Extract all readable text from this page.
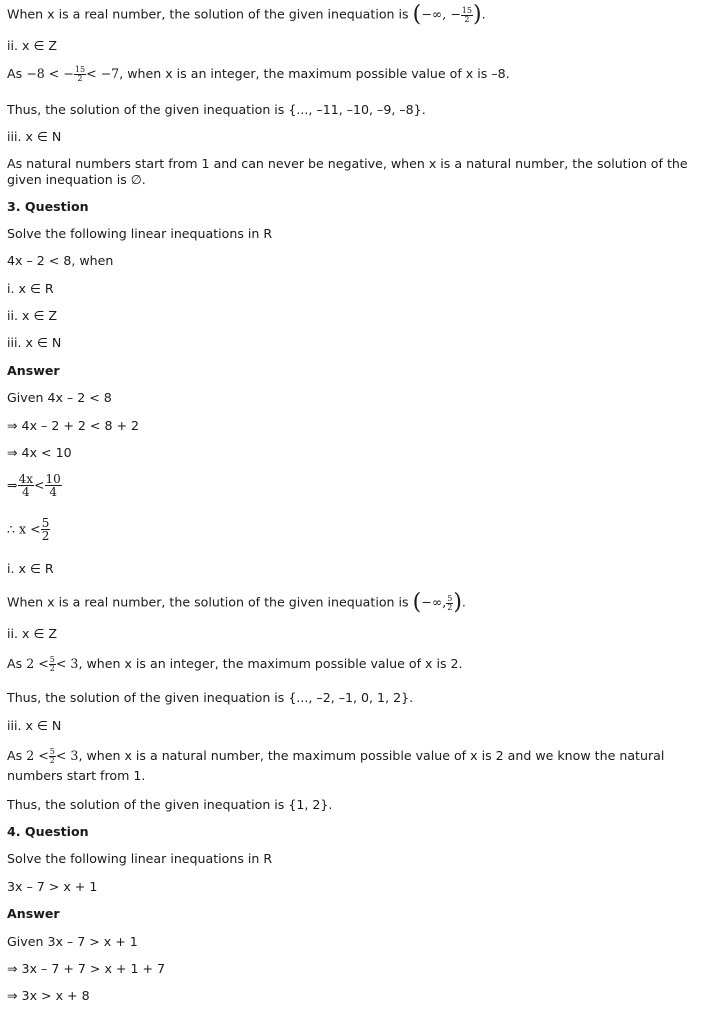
When x is a real number, the solution of the given inequation is (−∞, − $\frac{15}{2}$ ).
ii. x ∈ Z
As −8 < − $\frac{15}{2} < -7$, when x is an integer, the maximum possible value of x is –8.
Thus, the solution of the given inequation is {..., –11, –10, –9, –8}.
iii. x ∈ N
As natural numbers start from 1 and can never be negative, when x is a natural number, the solution of the
given inequation is ∅.
3. Question
Solve the following linear inequations in R
4x – 2 < 8, when
i. x ∈ R
ii. x ∈ Z
iii. x ∈ N
Answer
Given 4x – 2 < 8
⇒ 4x – 2 + 2 < 8 + 2
⇒ 4x < 10
⇒ $\frac{4x}{4} < \frac{10}{4}$
∴ $x < \frac{5}{2}$
i. x ∈ R
When x is a real number, the solution of the given inequation is (−∞, $\frac{5}{2}$ ).
ii. x ∈ Z
As $2 < \frac{5}{2} < 3$, when x is an integer, the maximum possible value of x is 2.
Thus, the solution of the given inequation is {..., –2, –1, 0, 1, 2}.
iii. x ∈ N
As $2 < \frac{5}{2} < 3$, when x is a natural number, the maximum possible value of x is 2 and we know the natural
numbers start from 1.
Thus, the solution of the given inequation is {1, 2}.
4. Question
Solve the following linear inequations in R
3x – 7 > x + 1
Answer
Given 3x – 7 > x + 1
⇒ 3x – 7 + 7 > x + 1 + 7
⇒ 3x > x + 8
